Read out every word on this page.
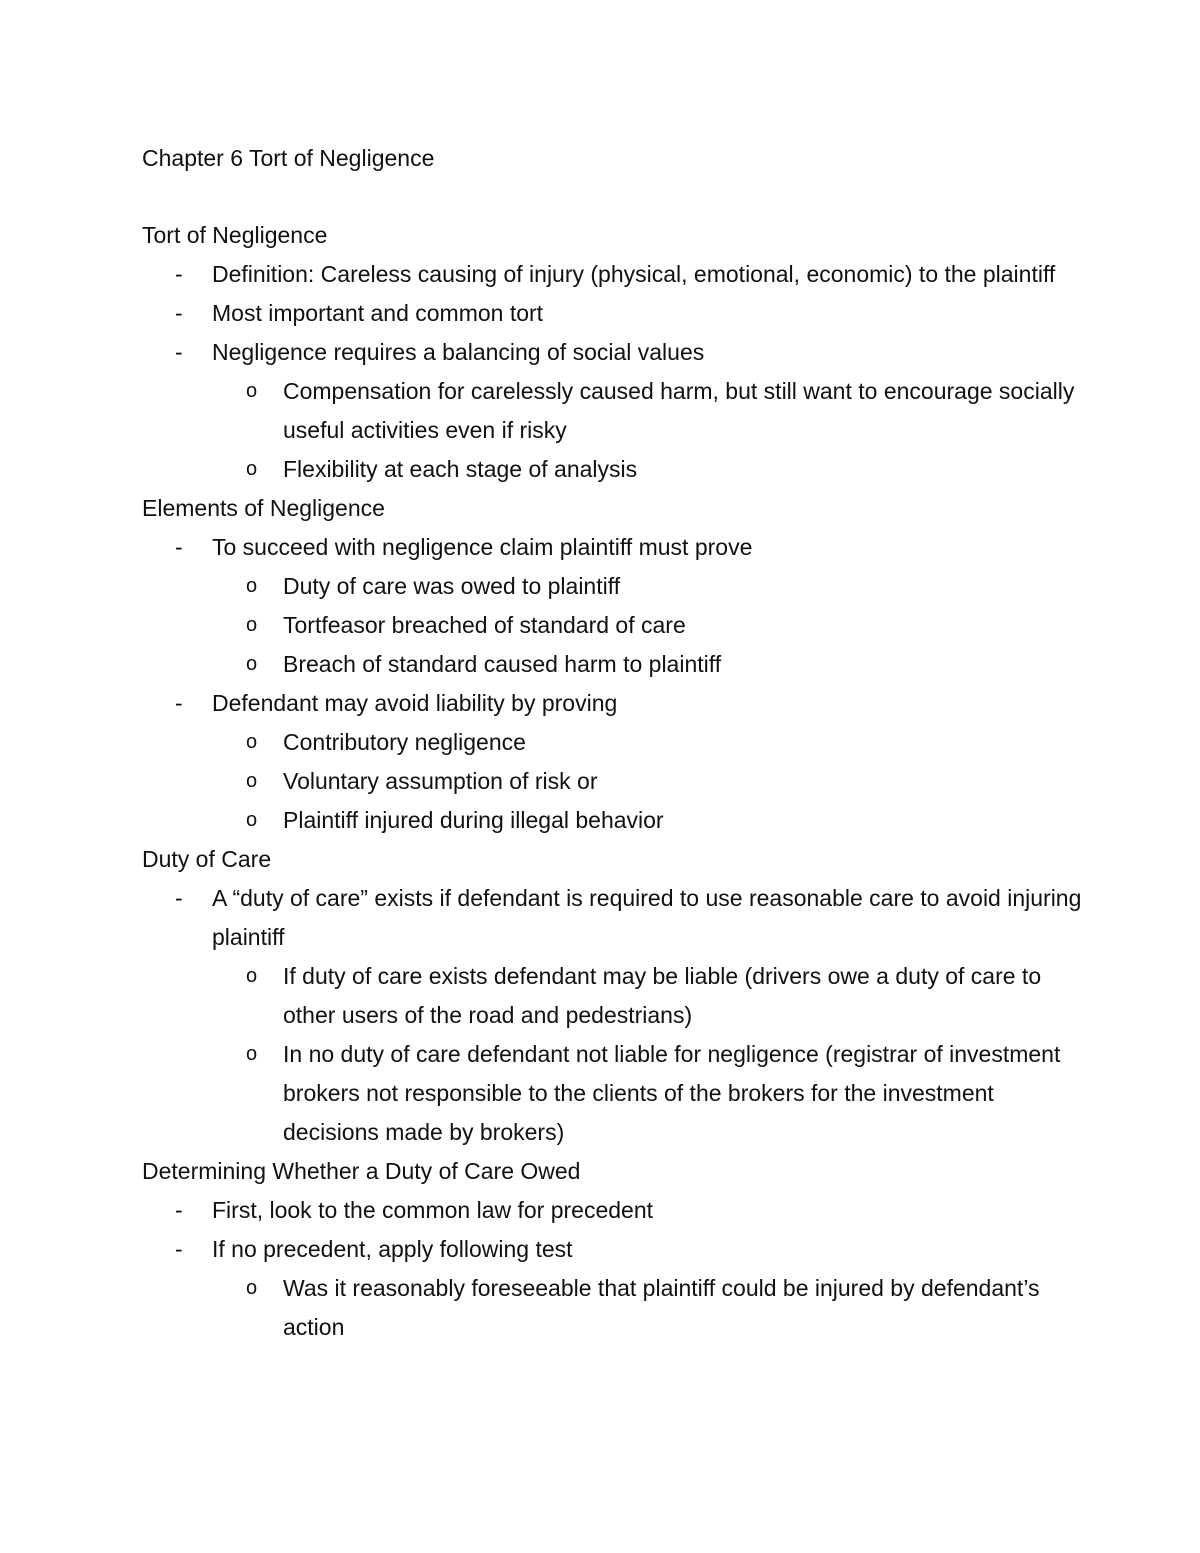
Chapter 6 Tort of Negligence
Tort of Negligence
- Definition: Careless causing of injury (physical, emotional, economic) to the plaintiff
- Most important and common tort
- Negligence requires a balancing of social values
o Compensation for carelessly caused harm, but still want to encourage socially useful activities even if risky
o Flexibility at each stage of analysis
Elements of Negligence
- To succeed with negligence claim plaintiff must prove
o Duty of care was owed to plaintiff
o Tortfeasor breached of standard of care
o Breach of standard caused harm to plaintiff
- Defendant may avoid liability by proving
o Contributory negligence
o Voluntary assumption of risk or
o Plaintiff injured during illegal behavior
Duty of Care
- A “duty of care” exists if defendant is required to use reasonable care to avoid injuring plaintiff
o If duty of care exists defendant may be liable (drivers owe a duty of care to other users of the road and pedestrians)
o In no duty of care defendant not liable for negligence (registrar of investment brokers not responsible to the clients of the brokers for the investment decisions made by brokers)
Determining Whether a Duty of Care Owed
- First, look to the common law for precedent
- If no precedent, apply following test
o Was it reasonably foreseeable that plaintiff could be injured by defendant’s action
